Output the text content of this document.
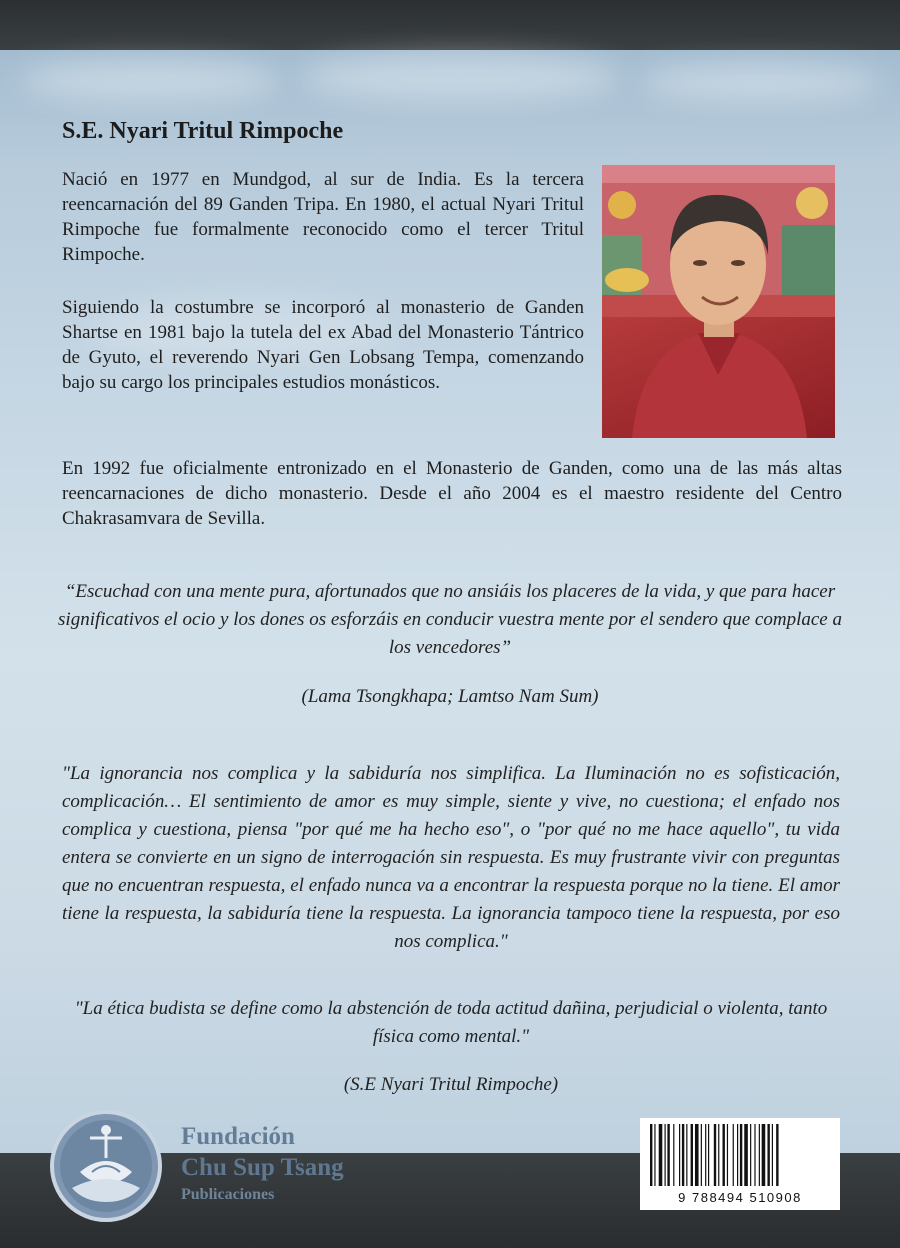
S.E. Nyari Tritul Rimpoche

Nació en 1977 en Mundgod, al sur de India. Es la tercera reencarnación del 89 Ganden Tripa. En 1980, el actual Nyari Tritul Rimpoche fue formalmente reconocido como el tercer Tritul Rimpoche.

Siguiendo la costumbre se incorporó al monasterio de Ganden Shartse en 1981 bajo la tutela del ex Abad del Monasterio Tántrico de Gyuto, el reverendo Nyari Gen Lobsang Tempa, comenzando bajo su cargo los principales estudios monásticos.

En 1992 fue oficialmente entronizado en el Monasterio de Ganden, como una de las más altas reencarnaciones de dicho monasterio. Desde el año 2004 es el maestro residente del Centro Chakrasamvara de Sevilla.

“Escuchad con una mente pura, afortunados que no ansiáis los placeres de la vida, y que para hacer significativos el ocio y los dones os esforzáis en conducir vuestra mente por el sendero que complace a los vencedores”

(Lama Tsongkhapa; Lamtso Nam Sum)

"La ignorancia nos complica y la sabiduría nos simplifica. La Iluminación no es sofisticación, complicación… El sentimiento de amor es muy simple, siente y vive, no cuestiona; el enfado nos complica y cuestiona, piensa "por qué me ha hecho eso", o "por qué no me hace aquello", tu vida entera se convierte en un signo de interrogación sin respuesta. Es muy frustrante vivir con preguntas que no encuentran respuesta, el enfado nunca va a encontrar la respuesta porque no la tiene. El amor tiene la respuesta, la sabiduría tiene la respuesta. La ignorancia tampoco tiene la respuesta, por eso nos complica."

"La ética budista se define como la abstención de toda actitud dañina, perjudicial o violenta, tanto física como mental."

(S.E Nyari Tritul Rimpoche)

Fundación
Chu Sup Tsang
Publicaciones	9 788494 510908
